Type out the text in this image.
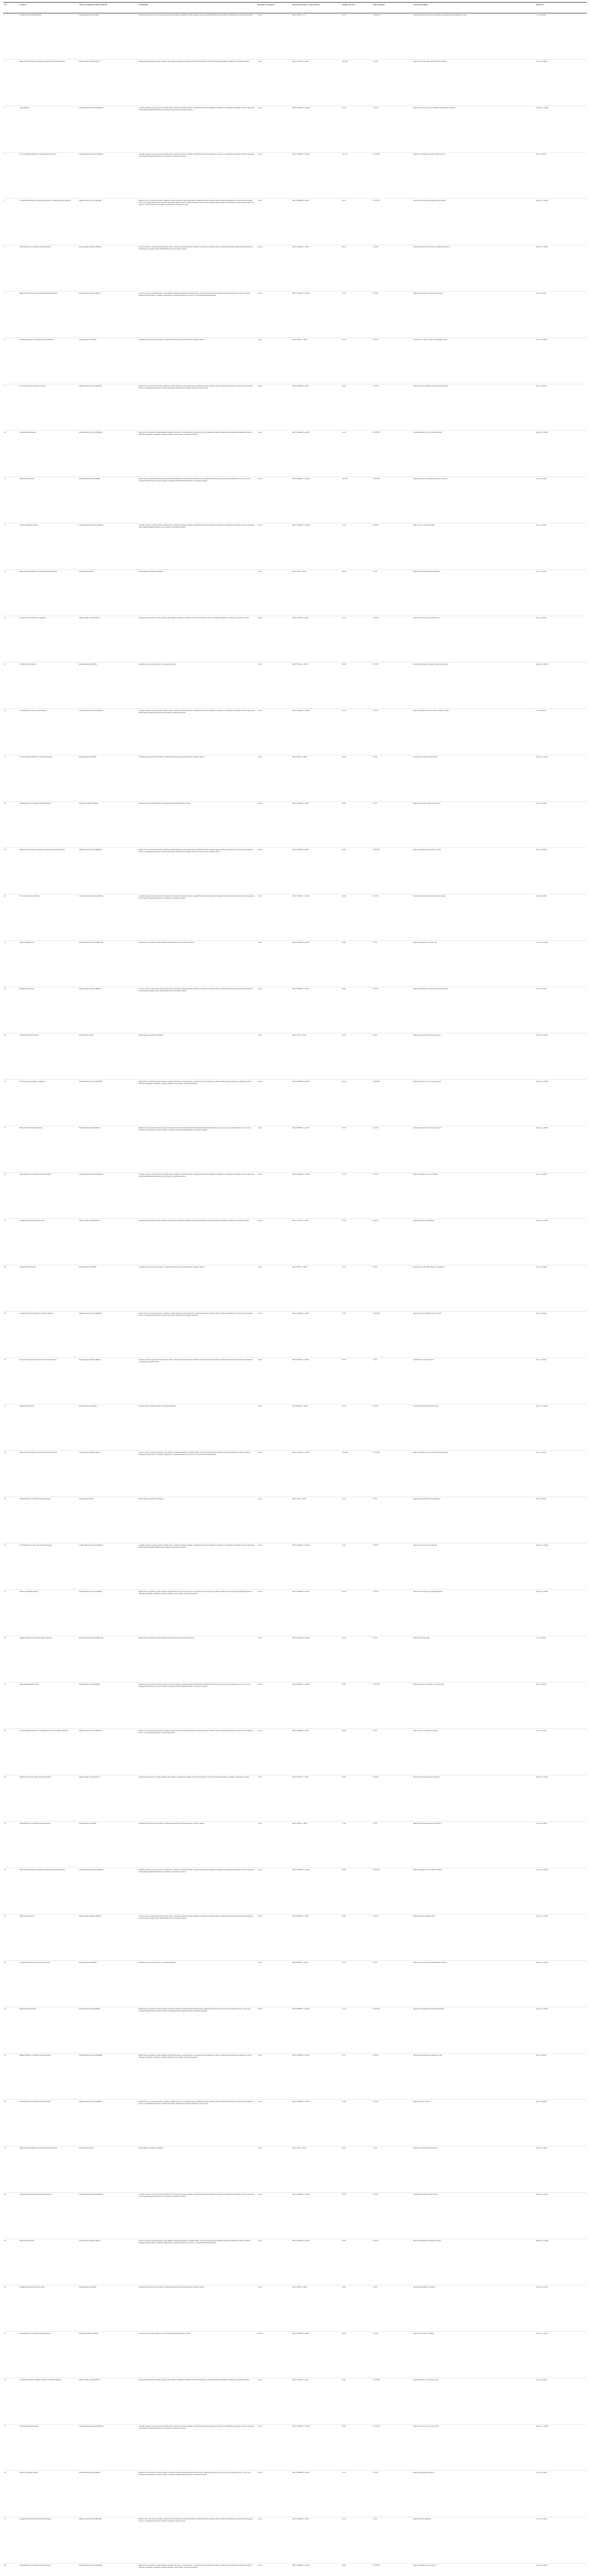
No.	Location	Name of traditional Chinese medicine	Composition	Duration of treatment	Intervention group vs. control group	Sample size (T/C)	Main symptoms	Laboratory finding	Reference
1	Guizhou Provincial Staff Hospital	Fuzheng Qushi Granule (FQG)	Glycyrrhiza Uralensis, Poria cocos, Atractylodes Macrocephala, Pogostemon Cablin, Agastache rugosa, Magnolia officinalis, Pericarpium Citri Reticulatae, Scutellaria baicalensis	14 days	ABCT+FQG vs. CT	25/25	①②③④ ⑤	Shortened the time of nucleic acid negative conversion; improved lymphocyte count	Li et al. (2020)
2	Hubei Provincial Hospital of Integrated Chinese and Western Medicine	Shufeng Jiedu Capsule (SFJDC)	Polygonum cuspidatum, Forsythia suspensa, Isatis indigotica, Bupleurum chinense, Patrinia scabiosaefolia, Verbena officinalis, Phragmites communis, Glycyrrhiza uralensis	7 days	ABCT+SFJDC vs. ABCT	100/100	①②③⑤	Relieved fever and cough; decreased CRP and ESR	Xiao et al. (2020)
3	Tongji Hospital	Lianhua Qingwen Granule (LHQWG)	Forsythia suspensa, Lonicera japonica, Ephedra sinica, Armeniacae Semen Amarum, Gypsum Fibrosum, Isatis indigotica, Dryopteris crassirhizoma, Houttuynia cordata, Pogostemon cablin, Rheum palmatum, Rhodiola rosea, Mentha haplocalyx, Glycyrrhiza uralensis	14 days	ABCT+LHQWG vs. ABCT	63/39	①②③④	Improved the recovery rate of symptoms; shortened fever duration	Cheng et al. (2020)
4	The First Affiliated Hospital of Anhui Medical University	Lianhua Qingwen Capsule (LHQWC)	Forsythia suspensa, Lonicera japonica, Ephedra sinica, Armeniacae Semen Amarum, Gypsum Fibrosum, Isatis indigotica, Dryopteris crassirhizoma, Houttuynia cordata, Pogostemon cablin, Rheum palmatum, Rhodiola rosea, Menthol, Glycyrrhiza uralensis	14 days	ABCT+LHQWC vs. ABCT	142/142	①②③⑤⑥	Improved CT imaging; increased clinical cure rate	Hu et al. (2020)
5	The Affiliated Hospital of Shandong University of Traditional Chinese Medicine	Qingfei Paidu Decoction (QFPDD)	Ephedra sinica, Glycyrrhiza uralensis, Armeniacae Semen Amarum, Gypsum Fibrosum, Cinnamomum cassia, Alisma orientale, Polyporus umbellatus, Atractylodes macrocephala, Poria cocos, Bupleurum chinense, Scutellaria baicalensis, Pinellia ternata, Zingiber officinale, Aster tataricus, Tussilago farfara, Belamcanda chinensis, Asarum sieboldii, Dioscorea opposita, Citrus aurantium, Pericarpium Citri Reticulatae, Pogostemon cablin	6 days	ABCT+QFPDD vs. ABCT	63/35	①②③④⑤	Decreased CRP; increased lymphocyte percentage	Zhang et al. (2020)
6	Wuhan Hospital of Traditional Chinese Medicine	Jinhua Qinggan Granule (JHQGG)	Lonicera japonica, Gypsum Fibrosum, Ephedra sinica, Armeniacae Semen Amarum, Scutellaria baicalensis, Forsythia suspensa, Fritillaria thunbergii, Anemarrhena asphodeloides, Arctium lappa, Artemisia annua, Mentha haplocalyx, Glycyrrhiza uralensis	10 days	ABCT+JHQGG vs. ABCT	80/43	①②③⑤	Shortened time to relief of fever and cough; improved CT	Duan et al. (2020)
7	Hubei Provincial Hospital of Traditional Chinese Medicine	Toujie Quwen Granule (TJQWG)	Lonicera japonica, Forsythia suspensa, Isatis indigotica, Bupleurum chinense, Artemisia annua, Cicada Periostracum, Peucedanum praeruptorum, Fritillaria cirrhosa, Fritillaria thunbergii, Prunus mume, Scrophularia ningpoensis, Astragalus membranaceus, Poria cocos, Pseudostellaria heterophylla	10 days	ABCT+TJQWG vs. ABCT	37/36	①②③⑤	Reduced CRP and IL-6; improved lung lesions	Fu et al. (2020)
8	Huanggang Hospital of Traditional Chinese Medicine	Xuebijing Injection (XBJI)	Carthamus tinctorius, Paeonia lactiflora, Ligusticum chuanxiong, Salvia miltiorrhiza, Angelica sinensis	7 days	ABCT+XBJI vs. ABCT	30/30	①②③⑥	Decreased IL-6, TNF-α; improved oxygenation index	Wen et al. (2020)
9	The Second People's Hospital of Fuyang	Qingfei Paidu Decoction (QFPDD)	Ephedra sinica, Glycyrrhiza uralensis, Armeniacae Semen Amarum, Gypsum Fibrosum, Cinnamomum cassia, Alisma orientale, Polyporus umbellatus, Atractylodes macrocephala, Poria cocos, Bupleurum chinense, Scutellaria baicalensis, Pinellia ternata, Zingiber officinale, Aster tataricus	14 days	ABCT+QFPDD vs. ABCT	40/40	①②③④	Improved clinical symptoms; shortened hospitalization	Xin et al. (2020)
10	Wuhan Jinyintan Hospital	Xuanfei Baidu Decoction (XFBDD)	Ephedra sinica, Armeniacae Semen Amarum, Gypsum Fibrosum, Coix lacryma-jobi, Atractylodes lancea, Pogostemon cablin, Artemisia annua, Polygonum cuspidatum, Verbena officinalis, Phragmites communis, Lepidium apetalum, Citrus grandis, Glycyrrhiza uralensis	7 days	ABCT+XFBDD vs. ABCT	22/20	①②③⑤⑥	Increased lymphocyte count; decreased CRP	Wang et al. (2020)
11	Wuhan Union Hospital	Huashi Baidu Granule (HSBDG)	Ephedra sinica, Pogostemon cablin, Gypsum Fibrosum, Armeniacae Semen Amarum, Pinellia ternata, Magnolia officinalis, Atractylodes lancea, Amomum tsao-ko, Poria cocos, Astragalus membranaceus, Paeonia lactiflora, Lepidium apetalum, Rheum palmatum, Glycyrrhiza uralensis	14 days	ABCT+HSBDG vs. ABCT	102/102	①②③④⑤	Improved lung CT; shortened nucleic acid conversion	Liu et al. (2020)
12	Wuhan Leishenshan Hospital	Lianhua Qingwen Granule (LHQWG)	Forsythia suspensa, Lonicera japonica, Ephedra sinica, Armeniacae Semen Amarum, Gypsum Fibrosum, Isatis indigotica, Dryopteris crassirhizoma, Houttuynia cordata, Pogostemon cablin, Rheum palmatum, Rhodiola rosea, Menthol, Glycyrrhiza uralensis	10 days	ABCT+LHQWG vs. ABCT	51/50	①②③⑤	Relieved fever, cough and fatigue	Yu et al. (2020)
13	Hubei Provincial Hospital of Traditional Chinese Medicine	Shenfu Injection (SFI)	Panax ginseng, Aconitum carmichaelii	7 days	ABCT+SFI vs. ABCT	30/30	①③⑥	Improved blood pressure and oxygenation	Liu et al. (2020)
14	The Third People's Hospital of Shenzhen	Shufeng Jiedu Capsule (SFJDC)	Polygonum cuspidatum, Forsythia suspensa, Isatis indigotica, Bupleurum chinense, Patrinia scabiosaefolia, Verbena officinalis, Phragmites communis, Glycyrrhiza uralensis	14 days	ABCT+SFJDC vs. ABCT	35/35	①②③④	Shortened duration of fever; improved CT	Qu et al. (2020)
15	Wuhan Jinyintan Hospital	Reduning Injection (RDNI)	Artemisia annua, Lonicera japonica, Gardenia jasminoides	7 days	ABCT+RDNI vs. ABCT	40/40	①②③⑤	Decreased inflammatory markers; improved symptoms	Zhang et al. (2020)
16	Chongqing Three Gorges Central Hospital	Lianhua Qingwen Granule (LHQWG)	Forsythia suspensa, Lonicera japonica, Ephedra sinica, Armeniacae Semen Amarum, Gypsum Fibrosum, Isatis indigotica, Dryopteris crassirhizoma, Houttuynia cordata, Pogostemon cablin, Rheum palmatum, Rhodiola rosea, Menthol, Glycyrrhiza uralensis	14 days	ABCT+LHQWG vs. ABCT	54/54	①②③④	Improved disappearance rate of fever, cough and fatigue	Lv et al. (2020)
17	The First Affiliated Hospital of Zhejiang University	Xuebijing Injection (XBJI)	Carthamus tinctorius, Paeonia lactiflora, Ligusticum chuanxiong, Salvia miltiorrhiza, Angelica sinensis	5 days	ABCT+XBJI vs. ABCT	29/29	①③⑥	Decreased IL-6; improved PaO2/FiO2	Zhou et al. (2020)
18	Wuhan Hospital of Traditional Chinese Medicine	Jinyebaidu Granule (JYBDG)	Lonicera japonica, Isatis indigotica, Taraxacum mongolicum, Houttuynia cordata	10 days	ABCT+JYBDG vs. ABCT	40/40	①②③	Improved fever and cough; decreased CRP	Fan et al. (2020)
19	Hubei Provincial Hospital of Integrated Chinese and Western Medicine	Qingfei Paidu Decoction (QFPDD)	Ephedra sinica, Glycyrrhiza uralensis, Armeniacae Semen Amarum, Gypsum Fibrosum, Cinnamomum cassia, Alisma orientale, Polyporus umbellatus, Atractylodes macrocephala, Poria cocos, Bupleurum chinense, Scutellaria baicalensis, Pinellia ternata, Zingiber officinale, Aster tataricus, Tussilago farfara	14 days	ABCT+QFPDD vs. ABCT	66/66	①②③④⑤	Improved lymphocyte count and CT lesions	Ren et al. (2020)
20	The Central Hospital of Wuhan	Lianhua Qingwen Capsule (LHQWC)	Forsythia suspensa, Lonicera japonica, Ephedra sinica, Armeniacae Semen Amarum, Gypsum Fibrosum, Isatis indigotica, Dryopteris crassirhizoma, Houttuynia cordata, Pogostemon cablin, Rheum palmatum, Rhodiola rosea, Menthol, Glycyrrhiza uralensis	7 days	ABCT+LHQWC vs. ABCT	50/48	①②③⑤	Shortened fever time; improved cough and fatigue	Sun et al. (2020)
21	Wuhan Tongji Hospital	Maxing Shigan Decoction (MXSGD)	Ephedra sinica, Armeniacae Semen Amarum, Gypsum Fibrosum, Glycyrrhiza uralensis	7 days	ABCT+MXSGD vs. ABCT	40/40	①②③	Improved symptoms; decreased CRP	Chen et al. (2020)
22	Beijing Ditan Hospital	Jinhua Qinggan Granule (JHQGG)	Lonicera japonica, Gypsum Fibrosum, Ephedra sinica, Armeniacae Semen Amarum, Scutellaria baicalensis, Forsythia suspensa, Fritillaria thunbergii, Anemarrhena asphodeloides, Arctium lappa, Artemisia annua, Mentha haplocalyx, Glycyrrhiza uralensis	5 days	ABCT+JHQGG vs. ABCT	26/26	①②③④	Improved pneumonia recovery; increased lymphocytes	Liu et al. (2020)
23	Wuhan Huoshenshan Hospital	Shenfu Injection (SFI)	Panax ginseng, Aconitum carmichaelii	7 days	ABCT+SFI vs. ABCT	30/30	①③⑥	Improved organ function; decreased lactate	Yang et al. (2020)
24	The First People's Hospital of Jingzhou	Xuanfei Baidu Decoction (XFBDD)	Ephedra sinica, Armeniacae Semen Amarum, Gypsum Fibrosum, Coix lacryma-jobi, Atractylodes lancea, Pogostemon cablin, Artemisia annua, Polygonum cuspidatum, Verbena officinalis, Phragmites communis, Lepidium apetalum, Citrus grandis, Glycyrrhiza uralensis	14 days	ABCT+XFBDD vs. ABCT	44/44	①②③④⑤	Improved clinical cure rate; decreased CRP	Xiong et al. (2020)
25	Henan Provincial People's Hospital	Huashi Baidu Granule (HSBDG)	Ephedra sinica, Pogostemon cablin, Gypsum Fibrosum, Armeniacae Semen Amarum, Pinellia ternata, Magnolia officinalis, Atractylodes lancea, Amomum tsao-ko, Poria cocos, Astragalus membranaceus, Paeonia lactiflora, Lepidium apetalum, Rheum palmatum, Glycyrrhiza uralensis	7 days	ABCT+HSBDG vs. ABCT	30/30	①②③⑤	Shortened time of fever relief; improved CT	Wang et al. (2020)
26	Wuhan Hospital of Traditional Chinese Medicine	Lianhua Qingwen Granule (LHQWG)	Forsythia suspensa, Lonicera japonica, Ephedra sinica, Armeniacae Semen Amarum, Gypsum Fibrosum, Isatis indigotica, Dryopteris crassirhizoma, Houttuynia cordata, Pogostemon cablin, Rheum palmatum, Rhodiola rosea, Menthol, Glycyrrhiza uralensis	10 days	ABCT+LHQWG vs. ABCT	57/45	①②③⑤	Improved lymphocyte and CT findings	Yao et al. (2020)
27	Shanghai Public Health Clinical Center	Shufeng Jiedu Capsule (SFJDC)	Polygonum cuspidatum, Forsythia suspensa, Isatis indigotica, Bupleurum chinense, Patrinia scabiosaefolia, Verbena officinalis, Phragmites communis, Glycyrrhiza uralensis	14 days	ABCT+SFJDC vs. ABCT	32/30	①②③④	Shortened duration of symptoms	Chen et al. (2020)
28	Wuhan Jinyintan Hospital	Xuebijing Injection (XBJI)	Carthamus tinctorius, Paeonia lactiflora, Ligusticum chuanxiong, Salvia miltiorrhiza, Angelica sinensis	7 days	ABCT+XBJI vs. ABCT	22/22	①③⑥	Decreased IL-6 and CRP; improved oxygenation	Luo et al. (2020)
29	Guangdong Provincial Hospital of Chinese Medicine	Qingfei Paidu Decoction (QFPDD)	Ephedra sinica, Glycyrrhiza uralensis, Armeniacae Semen Amarum, Gypsum Fibrosum, Cinnamomum cassia, Alisma orientale, Polyporus umbellatus, Atractylodes macrocephala, Poria cocos, Bupleurum chinense, Scutellaria baicalensis, Pinellia ternata, Zingiber officinale	14 days	ABCT+QFPDD vs. ABCT	37/36	①②③④⑤	Improved clinical symptoms and CT lesions	Wu et al. (2020)
30	The Second Xiangya Hospital of Central South University	Jinhua Qinggan Granule (JHQGG)	Lonicera japonica, Gypsum Fibrosum, Ephedra sinica, Armeniacae Semen Amarum, Scutellaria baicalensis, Forsythia suspensa, Fritillaria thunbergii, Anemarrhena asphodeloides, Arctium lappa, Artemisia annua	7 days	ABCT+JHQGG vs. ABCT	44/44	①②③	Shortened fever and cough time	Xie et al. (2020)
31	Wuhan Union Hospital	Reduning Injection (RDNI)	Artemisia annua, Lonicera japonica, Gardenia jasminoides	7 days	ABCT+RDNI vs. ABCT	35/35	①②③⑤	Decreased CRP and ESR; relieved fever	Zhao et al. (2020)
32	Hubei Provincial Hospital of Traditional Chinese Medicine	Toujie Quwen Granule (TJQWG)	Lonicera japonica, Forsythia suspensa, Isatis indigotica, Bupleurum chinense, Artemisia annua, Cicada Periostracum, Peucedanum praeruptorum, Fritillaria cirrhosa, Fritillaria thunbergii, Prunus mume, Scrophularia ningpoensis, Astragalus membranaceus, Poria cocos, Pseudostellaria heterophylla	14 days	ABCT+TJQWG vs. ABCT	100/100	①②③④⑤	Improved lymphocyte count; shortened hospitalization	Xu et al. (2020)
33	Wuhan Hospital of Traditional Chinese Medicine	Shenfu Injection (SFI)	Panax ginseng, Aconitum carmichaelii	7 days	ABCT+SFI vs. ABCT	25/25	①③⑥	Improved hemodynamics and oxygenation	He et al. (2020)
34	The Fifth Medical Center of PLA General Hospital	Lianhua Qingwen Capsule (LHQWC)	Forsythia suspensa, Lonicera japonica, Ephedra sinica, Armeniacae Semen Amarum, Gypsum Fibrosum, Isatis indigotica, Dryopteris crassirhizoma, Houttuynia cordata, Pogostemon cablin, Rheum palmatum, Rhodiola rosea, Menthol, Glycyrrhiza uralensis	14 days	ABCT+LHQWC vs. ABCT	40/40	①②③④	Improved recovery rate of symptoms	Zhang et al. (2020)
35	Wuhan Leishenshan Hospital	Xuanfei Baidu Decoction (XFBDD)	Ephedra sinica, Armeniacae Semen Amarum, Gypsum Fibrosum, Coix lacryma-jobi, Atractylodes lancea, Pogostemon cablin, Artemisia annua, Polygonum cuspidatum, Verbena officinalis, Phragmites communis, Lepidium apetalum, Citrus grandis, Glycyrrhiza uralensis	10 days	ABCT+XFBDD vs. ABCT	70/70	①②③⑤	Improved CT imaging; increased lymphocytes	Xiong et al. (2020)
36	Jingzhou Hospital of Traditional Chinese Medicine	Maxing Shigan Decoction (MXSGD)	Ephedra sinica, Armeniacae Semen Amarum, Gypsum Fibrosum, Glycyrrhiza uralensis	7 days	ABCT+MXSGD vs. ABCT	30/30	①②③	Relieved fever and cough	Li et al. (2020)
37	Wuhan Huoshenshan Hospital	Huashi Baidu Granule (HSBDG)	Ephedra sinica, Pogostemon cablin, Gypsum Fibrosum, Armeniacae Semen Amarum, Pinellia ternata, Magnolia officinalis, Atractylodes lancea, Amomum tsao-ko, Poria cocos, Astragalus membranaceus, Paeonia lactiflora, Lepidium apetalum, Rheum palmatum, Glycyrrhiza uralensis	14 days	ABCT+HSBDG vs. ABCT	60/60	①②③④⑤	Shortened nucleic acid negative conversion time	Shi et al. (2020)
38	The First Affiliated Hospital of Guangzhou University of Chinese Medicine	Qingfei Paidu Decoction (QFPDD)	Ephedra sinica, Glycyrrhiza uralensis, Armeniacae Semen Amarum, Gypsum Fibrosum, Cinnamomum cassia, Alisma orientale, Polyporus umbellatus, Atractylodes macrocephala, Poria cocos, Bupleurum chinense, Scutellaria baicalensis	10 days	ABCT+QFPDD vs. ABCT	28/28	①②③	Improved fever, cough and CT lesions	Lin et al. (2020)
39	Shenzhen Traditional Chinese Medicine Hospital	Shufeng Jiedu Capsule (SFJDC)	Polygonum cuspidatum, Forsythia suspensa, Isatis indigotica, Bupleurum chinense, Patrinia scabiosaefolia, Verbena officinalis, Phragmites communis, Glycyrrhiza uralensis	7 days	ABCT+SFJDC vs. ABCT	40/40	①②③⑤	Decreased CRP; shortened fever duration	Wang et al. (2020)
40	Wuhan Hospital of Traditional Chinese Medicine	Xuebijing Injection (XBJI)	Carthamus tinctorius, Paeonia lactiflora, Ligusticum chuanxiong, Salvia miltiorrhiza, Angelica sinensis	7 days	ABCT+XBJI vs. ABCT	31/30	①③⑥	Improved oxygenation index; decreased IL-6	Guo et al. (2020)
41	Hubei Provincial Hospital of Integrated Chinese and Western Medicine	Lianhua Qingwen Granule (LHQWG)	Forsythia suspensa, Lonicera japonica, Ephedra sinica, Armeniacae Semen Amarum, Gypsum Fibrosum, Isatis indigotica, Dryopteris crassirhizoma, Houttuynia cordata, Pogostemon cablin, Rheum palmatum, Rhodiola rosea, Menthol, Glycyrrhiza uralensis	14 days	ABCT+LHQWG vs. ABCT	80/80	①②③④⑤	Improved lymphocyte count and CT findings	Liang et al. (2020)
42	Wuhan Third Hospital	Jinhua Qinggan Granule (JHQGG)	Lonicera japonica, Gypsum Fibrosum, Ephedra sinica, Armeniacae Semen Amarum, Scutellaria baicalensis, Forsythia suspensa, Fritillaria thunbergii, Anemarrhena asphodeloides, Arctium lappa, Artemisia annua, Mentha haplocalyx, Glycyrrhiza uralensis	10 days	ABCT+JHQGG vs. ABCT	40/40	①②③④	Shortened time of symptom relief	Zhou et al. (2020)
43	Chengdu Public Health Clinical Medical Center	Reduning Injection (RDNI)	Artemisia annua, Lonicera japonica, Gardenia jasminoides	7 days	ABCT+RDNI vs. ABCT	30/30	①②③	Relieved fever and decreased inflammatory markers	Deng et al. (2020)
44	Wuhan Jinyintan Hospital	Huashi Baidu Granule (HSBDG)	Ephedra sinica, Pogostemon cablin, Gypsum Fibrosum, Armeniacae Semen Amarum, Pinellia ternata, Magnolia officinalis, Atractylodes lancea, Amomum tsao-ko, Poria cocos, Astragalus membranaceus, Paeonia lactiflora, Lepidium apetalum, Rheum palmatum, Glycyrrhiza uralensis	14 days	ABCT+HSBDG vs. ABCT	75/74	①②③④⑤	Improved CT imaging; shortened hospitalization	Tong et al. (2020)
45	Beijing Hospital of Traditional Chinese Medicine	Xuanfei Baidu Decoction (XFBDD)	Ephedra sinica, Armeniacae Semen Amarum, Gypsum Fibrosum, Coix lacryma-jobi, Atractylodes lancea, Pogostemon cablin, Artemisia annua, Polygonum cuspidatum, Verbena officinalis, Phragmites communis, Lepidium apetalum, Citrus grandis, Glycyrrhiza uralensis	7 days	ABCT+XFBDD vs. ABCT	25/25	①②③⑤	Decreased CRP; improved lymphocyte count	Ma et al. (2020)
46	Wuhan Hospital of Traditional Chinese Medicine	Qingfei Paidu Decoction (QFPDD)	Ephedra sinica, Glycyrrhiza uralensis, Armeniacae Semen Amarum, Gypsum Fibrosum, Cinnamomum cassia, Alisma orientale, Polyporus umbellatus, Atractylodes macrocephala, Poria cocos, Bupleurum chinense, Scutellaria baicalensis, Pinellia ternata, Zingiber officinale, Aster tataricus	14 days	ABCT+QFPDD vs. ABCT	51/49	①②③④	Improved clinical cure rate	Qiu et al. (2020)
47	Hubei Provincial Hospital of Traditional Chinese Medicine	Shenfu Injection (SFI)	Panax ginseng, Aconitum carmichaelii	7 days	ABCT+SFI vs. ABCT	20/20	①③⑥	Improved circulation and oxygenation	Peng et al. (2020)
48	Zhejiang Provincial Hospital of Chinese Medicine	Lianhua Qingwen Capsule (LHQWC)	Forsythia suspensa, Lonicera japonica, Ephedra sinica, Armeniacae Semen Amarum, Gypsum Fibrosum, Isatis indigotica, Dryopteris crassirhizoma, Houttuynia cordata, Pogostemon cablin, Rheum palmatum, Rhodiola rosea, Menthol, Glycyrrhiza uralensis	10 days	ABCT+LHQWC vs. ABCT	36/36	①②③⑤	Shortened fever duration; improved CT	Jiang et al. (2020)
49	Wuhan Union Hospital	Toujie Quwen Granule (TJQWG)	Lonicera japonica, Forsythia suspensa, Isatis indigotica, Bupleurum chinense, Artemisia annua, Cicada Periostracum, Peucedanum praeruptorum, Fritillaria cirrhosa, Fritillaria thunbergii, Prunus mume, Scrophularia ningpoensis, Astragalus membranaceus, Poria cocos, Pseudostellaria heterophylla	7 days	ABCT+TJQWG vs. ABCT	45/45	①②③④	Improved symptoms and lymphocyte count	Huang et al. (2020)
50	Shanghai Public Health Clinical Center	Xuebijing Injection (XBJI)	Carthamus tinctorius, Paeonia lactiflora, Ligusticum chuanxiong, Salvia miltiorrhiza, Angelica sinensis	7 days	ABCT+XBJI vs. ABCT	28/28	①③⑥	Decreased inflammatory cytokines	Song et al. (2020)
51	Wuhan Hospital of Traditional Chinese Medicine	Jinyebaidu Granule (JYBDG)	Lonicera japonica, Isatis indigotica, Taraxacum mongolicum, Houttuynia cordata	10 days	ABCT+JYBDG vs. ABCT	50/50	①②③⑤	Improved fever and CT findings	Yuan et al. (2020)
52	The Affiliated Hospital of Hubei University of Chinese Medicine	Shufeng Jiedu Capsule (SFJDC)	Polygonum cuspidatum, Forsythia suspensa, Isatis indigotica, Bupleurum chinense, Patrinia scabiosaefolia, Verbena officinalis, Phragmites communis, Glycyrrhiza uralensis	14 days	ABCT+SFJDC vs. ABCT	60/60	①②③④⑤	Shortened nucleic acid conversion time	Gao et al. (2020)
53	Wuhan Huoshenshan Hospital	Lianhua Qingwen Granule (LHQWG)	Forsythia suspensa, Lonicera japonica, Ephedra sinica, Armeniacae Semen Amarum, Gypsum Fibrosum, Isatis indigotica, Dryopteris crassirhizoma, Houttuynia cordata, Pogostemon cablin, Rheum palmatum, Rhodiola rosea, Menthol, Glycyrrhiza uralensis	14 days	ABCT+LHQWG vs. ABCT	90/90	①②③④⑤	Improved recovery rate; decreased CRP	Zheng et al. (2020)
54	Wuhan Leishenshan Hospital	Huashi Baidu Granule (HSBDG)	Ephedra sinica, Pogostemon cablin, Gypsum Fibrosum, Armeniacae Semen Amarum, Pinellia ternata, Magnolia officinalis, Atractylodes lancea, Amomum tsao-ko, Poria cocos, Astragalus membranaceus, Paeonia lactiflora, Lepidium apetalum, Rheum palmatum, Glycyrrhiza uralensis	10 days	ABCT+HSBDG vs. ABCT	55/55	①②③④	Improved symptoms and lung CT	Cao et al. (2020)
55	Guangxi International Zhuang Medicine Hospital	Qingfei Paidu Decoction (QFPDD)	Ephedra sinica, Glycyrrhiza uralensis, Armeniacae Semen Amarum, Gypsum Fibrosum, Cinnamomum cassia, Alisma orientale, Polyporus umbellatus, Atractylodes macrocephala, Poria cocos, Bupleurum chinense, Scutellaria baicalensis, Pinellia ternata	7 days	ABCT+QFPDD vs. ABCT	30/30	①②③	Relieved clinical symptoms	Liao et al. (2020)
56	Wuhan Hospital of Traditional Chinese Medicine	Xuanfei Baidu Decoction (XFBDD)	Ephedra sinica, Armeniacae Semen Amarum, Gypsum Fibrosum, Coix lacryma-jobi, Atractylodes lancea, Pogostemon cablin, Artemisia annua, Polygonum cuspidatum, Verbena officinalis, Phragmites communis, Lepidium apetalum, Citrus grandis, Glycyrrhiza uralensis	14 days	ABCT+XFBDD vs. ABCT	40/40	①②③④⑤	Improved lymphocyte count and CT	Feng et al. (2020)
